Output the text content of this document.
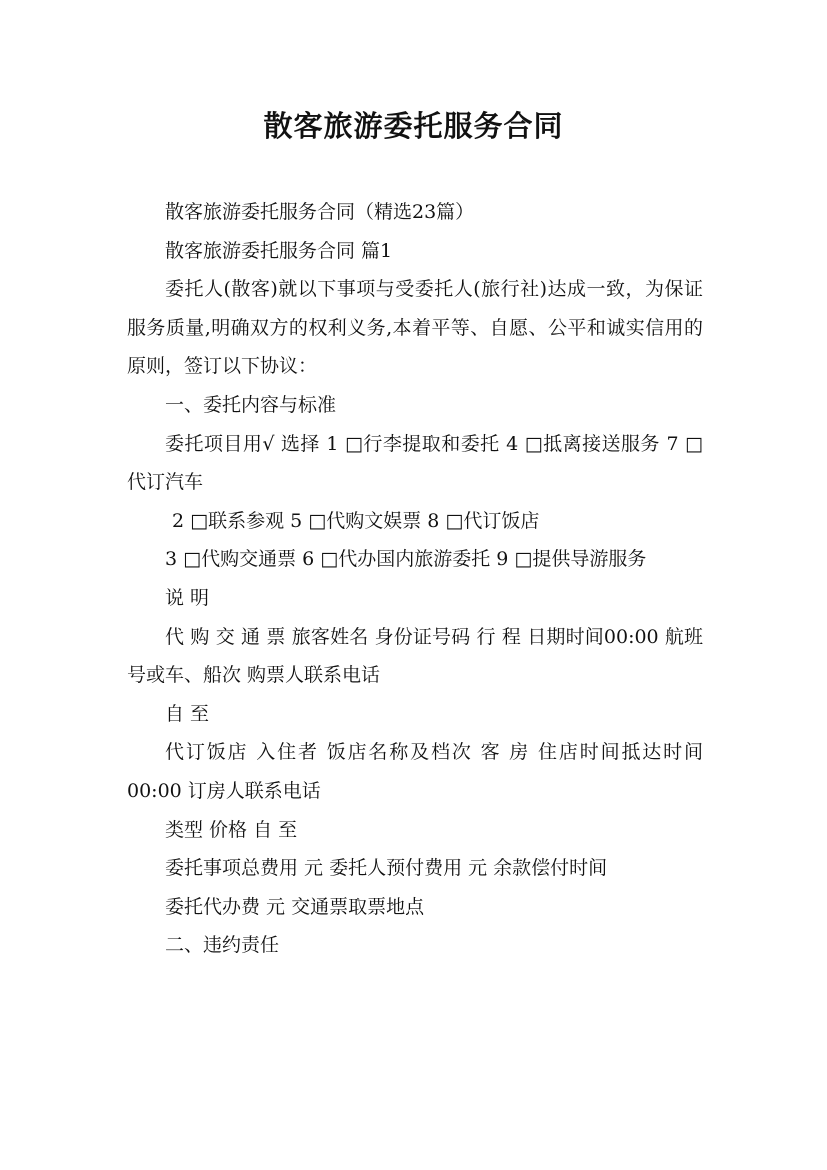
散客旅游委托服务合同

散客旅游委托服务合同（精选23篇）

散客旅游委托服务合同 篇1

委托人(散客)就以下事项与受委托人(旅行社)达成一致，为保证服务质量,明确双方的权利义务,本着平等、自愿、公平和诚实信用的原则，签订以下协议：

一、委托内容与标准

委托项目用√ 选择 1 □行李提取和委托 4 □抵离接送服务 7 □代订汽车

2 □联系参观 5 □代购文娱票 8 □代订饭店

3 □代购交通票 6 □代办国内旅游委托 9 □提供导游服务

说 明

代 购 交 通 票 旅客姓名 身份证号码 行 程 日期时间00:00 航班号或车、船次 购票人联系电话

自 至

代订饭店 入住者 饭店名称及档次 客 房 住店时间抵达时间00:00 订房人联系电话

类型 价格 自 至

委托事项总费用 元 委托人预付费用 元 余款偿付时间

委托代办费 元 交通票取票地点

二、违约责任
